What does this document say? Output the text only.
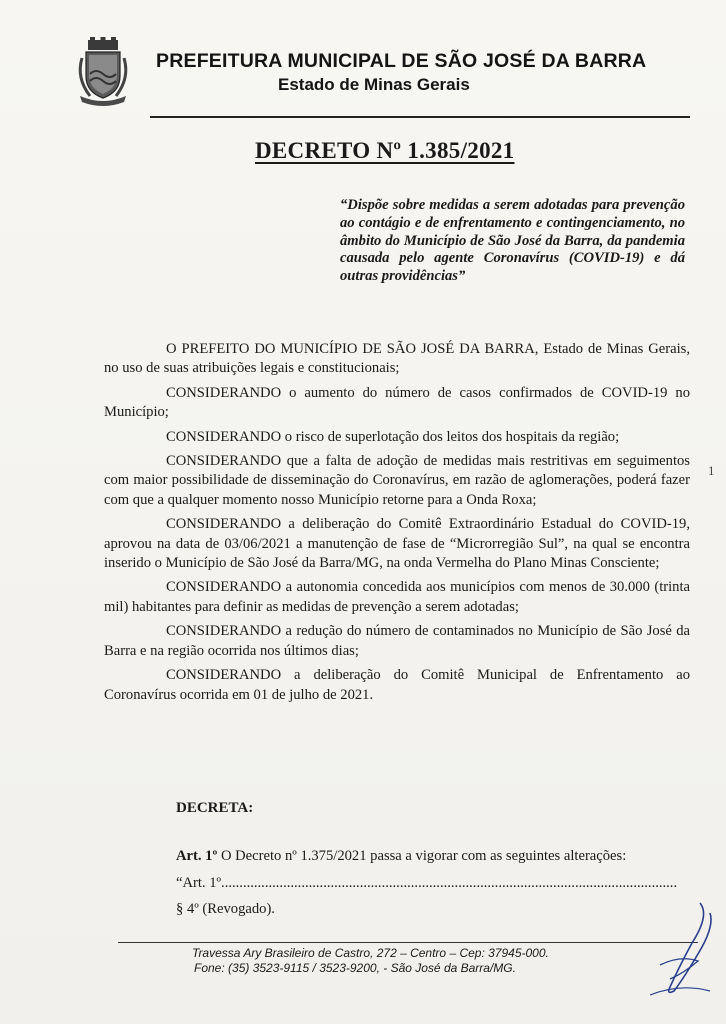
PREFEITURA MUNICIPAL DE SÃO JOSÉ DA BARRA
Estado de Minas Gerais
DECRETO Nº 1.385/2021
“Dispõe sobre medidas a serem adotadas para prevenção ao contágio e de enfrentamento e contingenciamento, no âmbito do Município de São José da Barra, da pandemia causada pelo agente Coronavírus (COVID-19) e dá outras providências”

O PREFEITO DO MUNICÍPIO DE SÃO JOSÉ DA BARRA, Estado de Minas Gerais, no uso de suas atribuições legais e constitucionais;

CONSIDERANDO o aumento do número de casos confirmados de COVID-19 no Município;

CONSIDERANDO o risco de superlotação dos leitos dos hospitais da região;

CONSIDERANDO que a falta de adoção de medidas mais restritivas em seguimentos com maior possibilidade de disseminação do Coronavírus, em razão de aglomerações, poderá fazer com que a qualquer momento nosso Município retorne para a Onda Roxa;

CONSIDERANDO a deliberação do Comitê Extraordinário Estadual do COVID-19, aprovou na data de 03/06/2021 a manutenção de fase de “Microrregião Sul”, na qual se encontra inserido o Município de São José da Barra/MG, na onda Vermelha do Plano Minas Consciente;

CONSIDERANDO a autonomia concedida aos municípios com menos de 30.000 (trinta mil) habitantes para definir as medidas de prevenção a serem adotadas;

CONSIDERANDO a redução do número de contaminados no Município de São José da Barra e na região ocorrida nos últimos dias;

CONSIDERANDO a deliberação do Comitê Municipal de Enfrentamento ao Coronavírus ocorrida em 01 de julho de 2021.

1
DECRETA:
Art. 1º O Decreto nº 1.375/2021 passa a vigorar com as seguintes alterações:
“Art. 1º.............................................................................................................................
§ 4º (Revogado).
Travessa Ary Brasileiro de Castro, 272 – Centro – Cep: 37945-000.
Fone: (35) 3523-9115 / 3523-9200, - São José da Barra/MG.
